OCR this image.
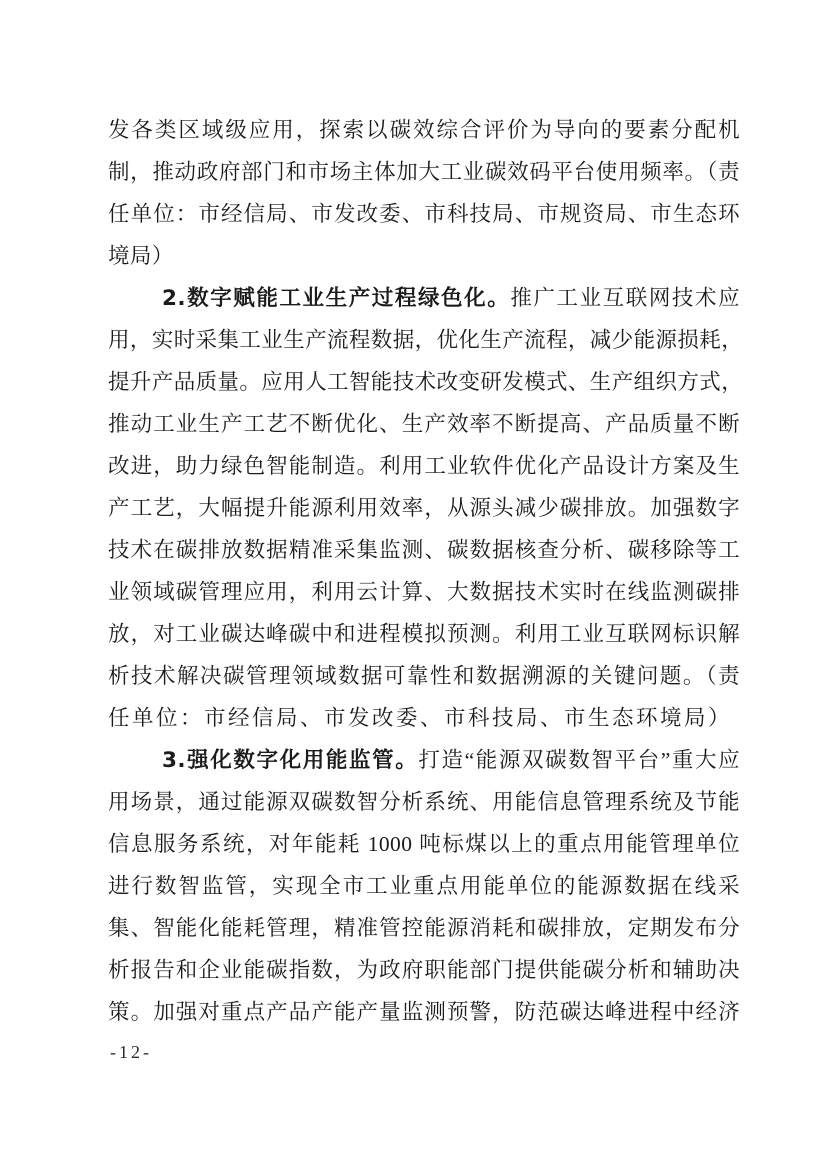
发各类区域级应用，探索以碳效综合评价为导向的要素分配机
制，推动政府部门和市场主体加大工业碳效码平台使用频率。（责
任单位：市经信局、市发改委、市科技局、市规资局、市生态环
境局）
2.数字赋能工业生产过程绿色化。推广工业互联网技术应
用，实时采集工业生产流程数据，优化生产流程，减少能源损耗，
提升产品质量。应用人工智能技术改变研发模式、生产组织方式，
推动工业生产工艺不断优化、生产效率不断提高、产品质量不断
改进，助力绿色智能制造。利用工业软件优化产品设计方案及生
产工艺，大幅提升能源利用效率，从源头减少碳排放。加强数字
技术在碳排放数据精准采集监测、碳数据核查分析、碳移除等工
业领域碳管理应用，利用云计算、大数据技术实时在线监测碳排
放，对工业碳达峰碳中和进程模拟预测。利用工业互联网标识解
析技术解决碳管理领域数据可靠性和数据溯源的关键问题。（责
任单位：市经信局、市发改委、市科技局、市生态环境局）
3.强化数字化用能监管。打造“能源双碳数智平台”重大应
用场景，通过能源双碳数智分析系统、用能信息管理系统及节能
信息服务系统，对年能耗 1000 吨标煤以上的重点用能管理单位
进行数智监管，实现全市工业重点用能单位的能源数据在线采
集、智能化能耗管理，精准管控能源消耗和碳排放，定期发布分
析报告和企业能碳指数，为政府职能部门提供能碳分析和辅助决
策。加强对重点产品产能产量监测预警，防范碳达峰进程中经济
-12-
